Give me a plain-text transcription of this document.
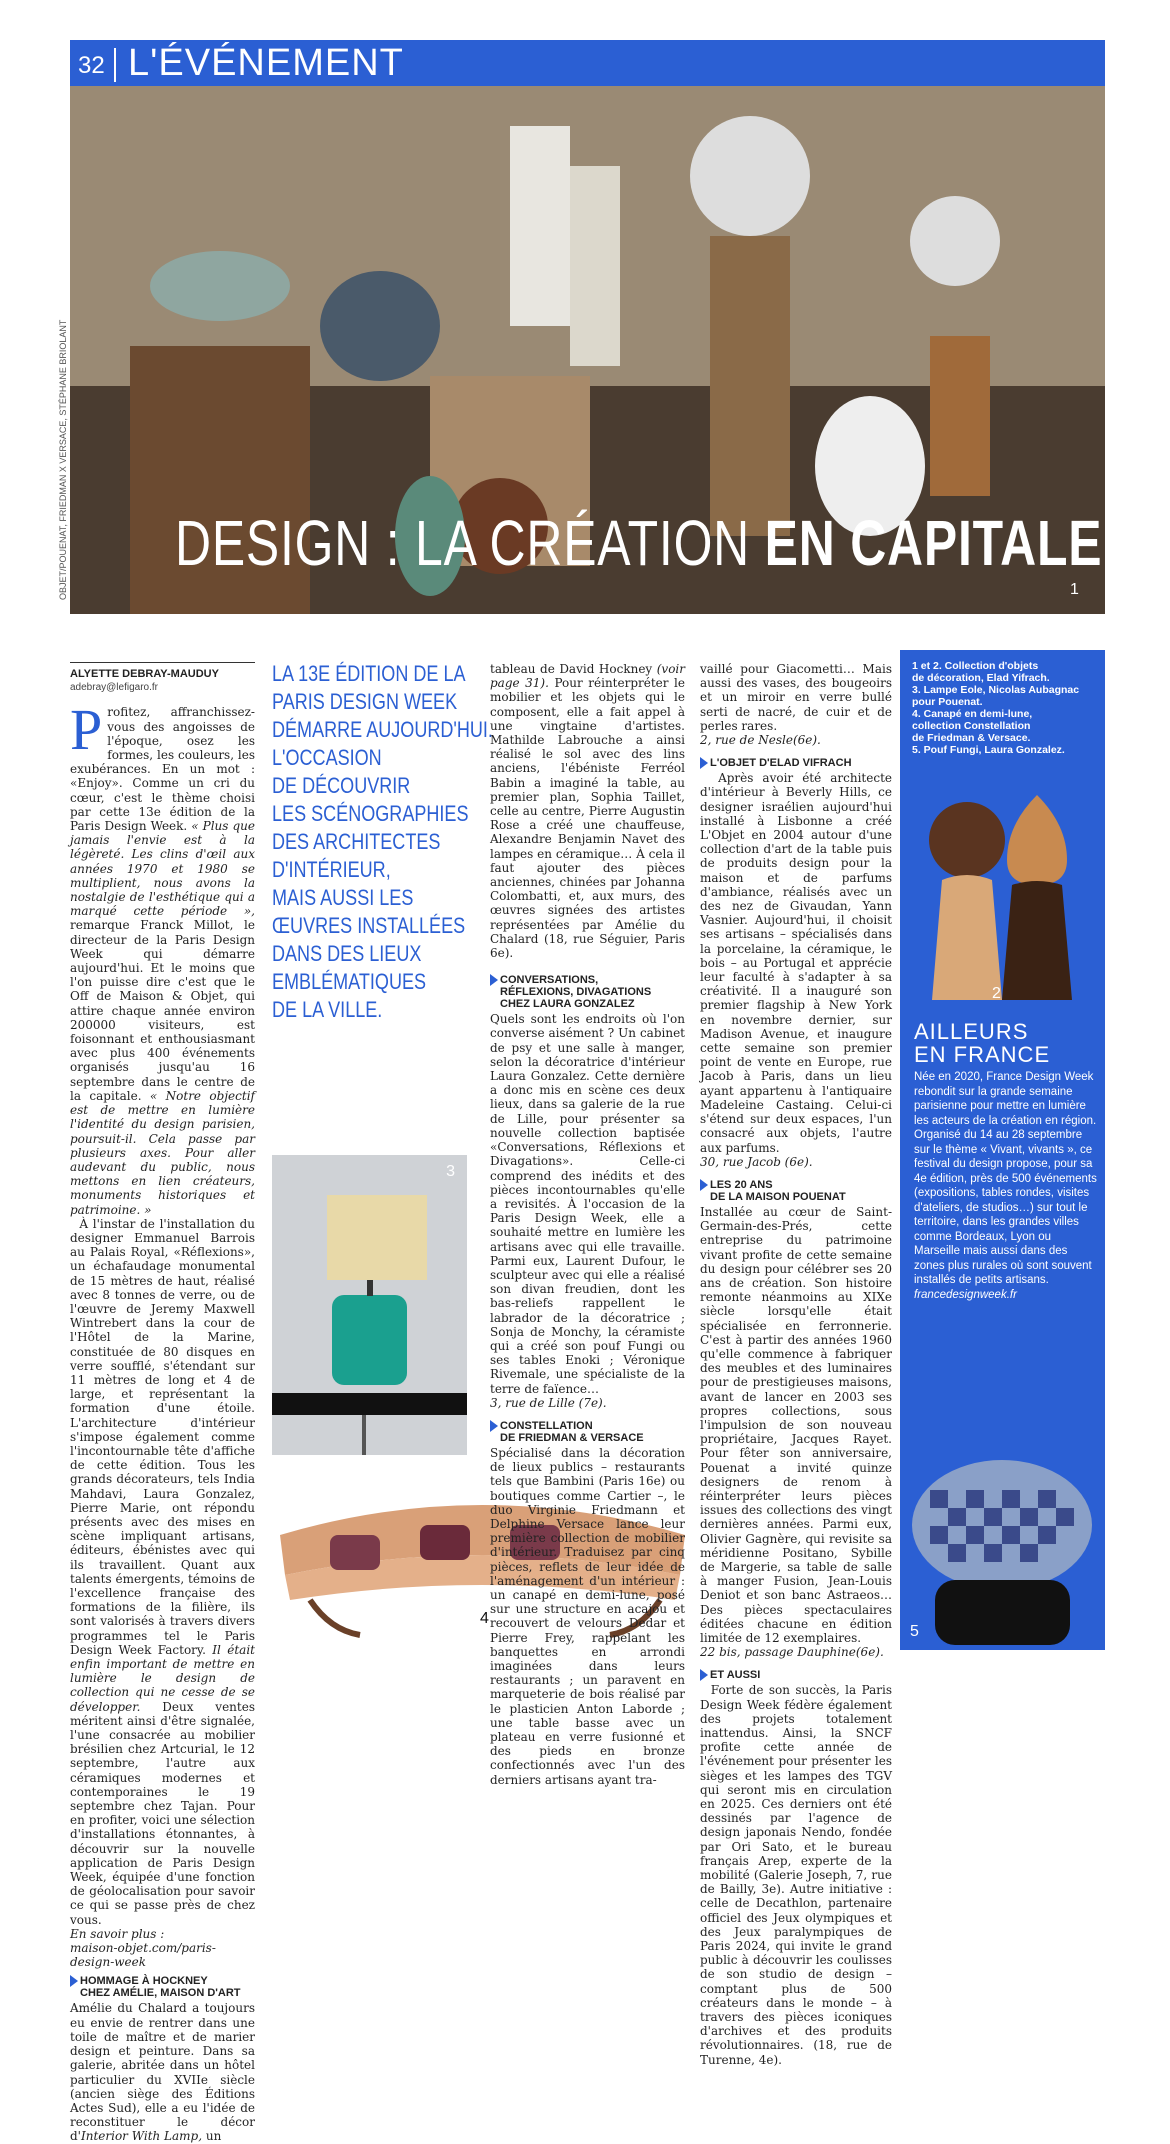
32 L'ÉVÉNEMENT
DESIGN : LA CRÉATION EN CAPITALE
1
OBJET/POUENAT, FRIEDMAN X VERSACE, STÉPHANE BRIOLANT
ALYETTE DEBRAY-MAUDUY
adebray@lefigaro.fr

Profitez, affranchissez-vous des angoisses de l'époque, osez les formes, les couleurs, les exubérances. En un mot : «Enjoy». Comme un cri du cœur, c'est le thème choisi par cette 13e édition de la Paris Design Week. « Plus que jamais l'envie est à la légèreté. Les clins d'œil aux années 1970 et 1980 se multiplient, nous avons la nostalgie de l'esthétique qui a marqué cette période », remarque Franck Millot, le directeur de la Paris Design Week qui démarre aujourd'hui. Et le moins que l'on puisse dire c'est que le Off de Maison & Objet, qui attire chaque année environ 200000 visiteurs, est foisonnant et enthousiasmant avec plus 400 événements organisés jusqu'au 16 septembre dans le centre de la capitale. « Notre objectif est de mettre en lumière l'identité du design parisien, poursuit-il. Cela passe par plusieurs axes. Pour aller audevant du public, nous mettons en lien créateurs, monuments historiques et patrimoine. »

À l'instar de l'installation du designer Emmanuel Barrois au Palais Royal, «Réflexions», un échafaudage monumental de 15 mètres de haut, réalisé avec 8 tonnes de verre, ou de l'œuvre de Jeremy Maxwell Wintrebert dans la cour de l'Hôtel de la Marine, constituée de 80 disques en verre soufflé, s'étendant sur 11 mètres de long et 4 de large, et représentant la formation d'une étoile. L'architecture d'intérieur s'impose également comme l'incontournable tête d'affiche de cette édition. Tous les grands décorateurs, tels India Mahdavi, Laura Gonzalez, Pierre Marie, ont répondu présents avec des mises en scène impliquant artisans, éditeurs, ébénistes avec qui ils travaillent. Quant aux talents émergents, témoins de l'excellence française des formations de la filière, ils sont valorisés à travers divers programmes tel le Paris Design Week Factory. Il était enfin important de mettre en lumière le design de collection qui ne cesse de se développer. Deux ventes méritent ainsi d'être signalée, l'une consacrée au mobilier brésilien chez Artcurial, le 12 septembre, l'autre aux céramiques modernes et contemporaines le 19 septembre chez Tajan. Pour en profiter, voici une sélection d'installations étonnantes, à découvrir sur la nouvelle application de Paris Design Week, équipée d'une fonction de géolocalisation pour savoir ce qui se passe près de chez vous.

En savoir plus :

maison-objet.com/paris-design-week

HOMMAGE À HOCKNEY
CHEZ AMÉLIE, MAISON D'ART

Amélie du Chalard a toujours eu envie de rentrer dans une toile de maître et de marier design et peinture. Dans sa galerie, abritée dans un hôtel particulier du XVIIe siècle (ancien siège des Éditions Actes Sud), elle a eu l'idée de reconstituer le décor d'Interior With Lamp, un

LA 13E ÉDITION DE LA
PARIS DESIGN WEEK
DÉMARRE AUJOURD'HUI.
L'OCCASION
DE DÉCOUVRIR
LES SCÉNOGRAPHIES
DES ARCHITECTES
D'INTÉRIEUR,
MAIS AUSSI LES
ŒUVRES INSTALLÉES
DANS DES LIEUX
EMBLÉMATIQUES
DE LA VILLE.
3
4

tableau de David Hockney (voir page 31). Pour réinterpréter le mobilier et les objets qui le composent, elle a fait appel à une vingtaine d'artistes. Mathilde Labrouche a ainsi réalisé le sol avec des lins anciens, l'ébéniste Ferréol Babin a imaginé la table, au premier plan, Sophia Taillet, celle au centre, Pierre Augustin Rose a créé une chauffeuse, Alexandre Benjamin Navet des lampes en céramique… À cela il faut ajouter des pièces anciennes, chinées par Johanna Colombatti, et, aux murs, des œuvres signées des artistes représentées par Amélie du Chalard (18, rue Séguier, Paris 6e).

CONVERSATIONS,
RÉFLEXIONS, DIVAGATIONS
CHEZ LAURA GONZALEZ

Quels sont les endroits où l'on converse aisément ? Un cabinet de psy et une salle à manger, selon la décoratrice d'intérieur Laura Gonzalez. Cette dernière a donc mis en scène ces deux lieux, dans sa galerie de la rue de Lille, pour présenter sa nouvelle collection baptisée «Conversations, Réflexions et Divagations». Celle-ci comprend des inédits et des pièces incontournables qu'elle a revisités. À l'occasion de la Paris Design Week, elle a souhaité mettre en lumière les artisans avec qui elle travaille. Parmi eux, Laurent Dufour, le sculpteur avec qui elle a réalisé son divan freudien, dont les bas-reliefs rappellent le labrador de la décoratrice ; Sonja de Monchy, la céramiste qui a créé son pouf Fungi ou ses tables Enoki ; Véronique Rivemale, une spécialiste de la terre de faïence…

3, rue de Lille (7e).

CONSTELLATION
DE FRIEDMAN & VERSACE

Spécialisé dans la décoration de lieux publics – restaurants tels que Bambini (Paris 16e) ou boutiques comme Cartier –, le duo Virginie Friedmann et Delphine Versace lance leur première collection de mobilier d'intérieur. Traduisez par cinq pièces, reflets de leur idée de l'aménagement d'un intérieur : un canapé en demi-lune, posé sur une structure en acajou et recouvert de velours Dedar et Pierre Frey, rappelant les banquettes en arrondi imaginées dans leurs restaurants ; un paravent en marqueterie de bois réalisé par le plasticien Anton Laborde ; une table basse avec un plateau en verre fusionné et des pieds en bronze confectionnés avec l'un des derniers artisans ayant tra-

vaillé pour Giacometti… Mais aussi des vases, des bougeoirs et un miroir en verre bullé serti de nacré, de cuir et de perles rares.

2, rue de Nesle(6e).

L'OBJET D'ELAD VIFRACH

Après avoir été architecte d'intérieur à Beverly Hills, ce designer israélien aujourd'hui installé à Lisbonne a créé L'Objet en 2004 autour d'une collection d'art de la table puis de produits design pour la maison et de parfums d'ambiance, réalisés avec un des nez de Givaudan, Yann Vasnier. Aujourd'hui, il choisit ses artisans – spécialisés dans la porcelaine, la céramique, le bois – au Portugal et apprécie leur faculté à s'adapter à sa créativité. Il a inauguré son premier flagship à New York en novembre dernier, sur Madison Avenue, et inaugure cette semaine son premier point de vente en Europe, rue Jacob à Paris, dans un lieu ayant appartenu à l'antiquaire Madeleine Castaing. Celui-ci s'étend sur deux espaces, l'un consacré aux objets, l'autre aux parfums.

30, rue Jacob (6e).

LES 20 ANS
DE LA MAISON POUENAT

Installée au cœur de Saint-Germain-des-Prés, cette entreprise du patrimoine vivant profite de cette semaine du design pour célébrer ses 20 ans de création. Son histoire remonte néanmoins au XIXe siècle lorsqu'elle était spécialisée en ferronnerie. C'est à partir des années 1960 qu'elle commence à fabriquer des meubles et des luminaires pour de prestigieuses maisons, avant de lancer en 2003 ses propres collections, sous l'impulsion de son nouveau propriétaire, Jacques Rayet. Pour fêter son anniversaire, Pouenat a invité quinze designers de renom à réinterpréter leurs pièces issues des collections des vingt dernières années. Parmi eux, Olivier Gagnère, qui revisite sa méridienne Positano, Sybille de Margerie, sa table de salle à manger Fusion, Jean-Louis Deniot et son banc Astraeos… Des pièces spectaculaires éditées chacune en édition limitée de 12 exemplaires.

22 bis, passage Dauphine(6e).

ET AUSSI

Forte de son succès, la Paris Design Week fédère également des projets totalement inattendus. Ainsi, la SNCF profite cette année de l'événement pour présenter les sièges et les lampes des TGV qui seront mis en circulation en 2025. Ces derniers ont été dessinés par l'agence de design japonais Nendo, fondée par Ori Sato, et le bureau français Arep, experte de la mobilité (Galerie Joseph, 7, rue de Bailly, 3e). Autre initiative : celle de Decathlon, partenaire officiel des Jeux olympiques et des Jeux paralympiques de Paris 2024, qui invite le grand public à découvrir les coulisses de son studio de design – comptant plus de 500 créateurs dans le monde – à travers des pièces iconiques d'archives et des produits révolutionnaires. (18, rue de Turenne, 4e).

1 et 2. Collection d'objets
de décoration, Elad Yifrach.
3. Lampe Eole, Nicolas Aubagnac
pour Pouenat.
4. Canapé en demi-lune,
collection Constellation
de Friedman & Versace.
5. Pouf Fungi, Laura Gonzalez.
2
AILLEURS
EN FRANCE
Née en 2020, France Design Week rebondit sur la grande semaine parisienne pour mettre en lumière les acteurs de la création en région. Organisé du 14 au 28 septembre sur le thème « Vivant, vivants », ce festival du design propose, pour sa 4e édition, près de 500 événements (expositions, tables rondes, visites d'ateliers, de studios…) sur tout le territoire, dans les grandes villes comme Bordeaux, Lyon ou Marseille mais aussi dans des zones plus rurales où sont souvent installés de petits artisans.
francedesignweek.fr
5
